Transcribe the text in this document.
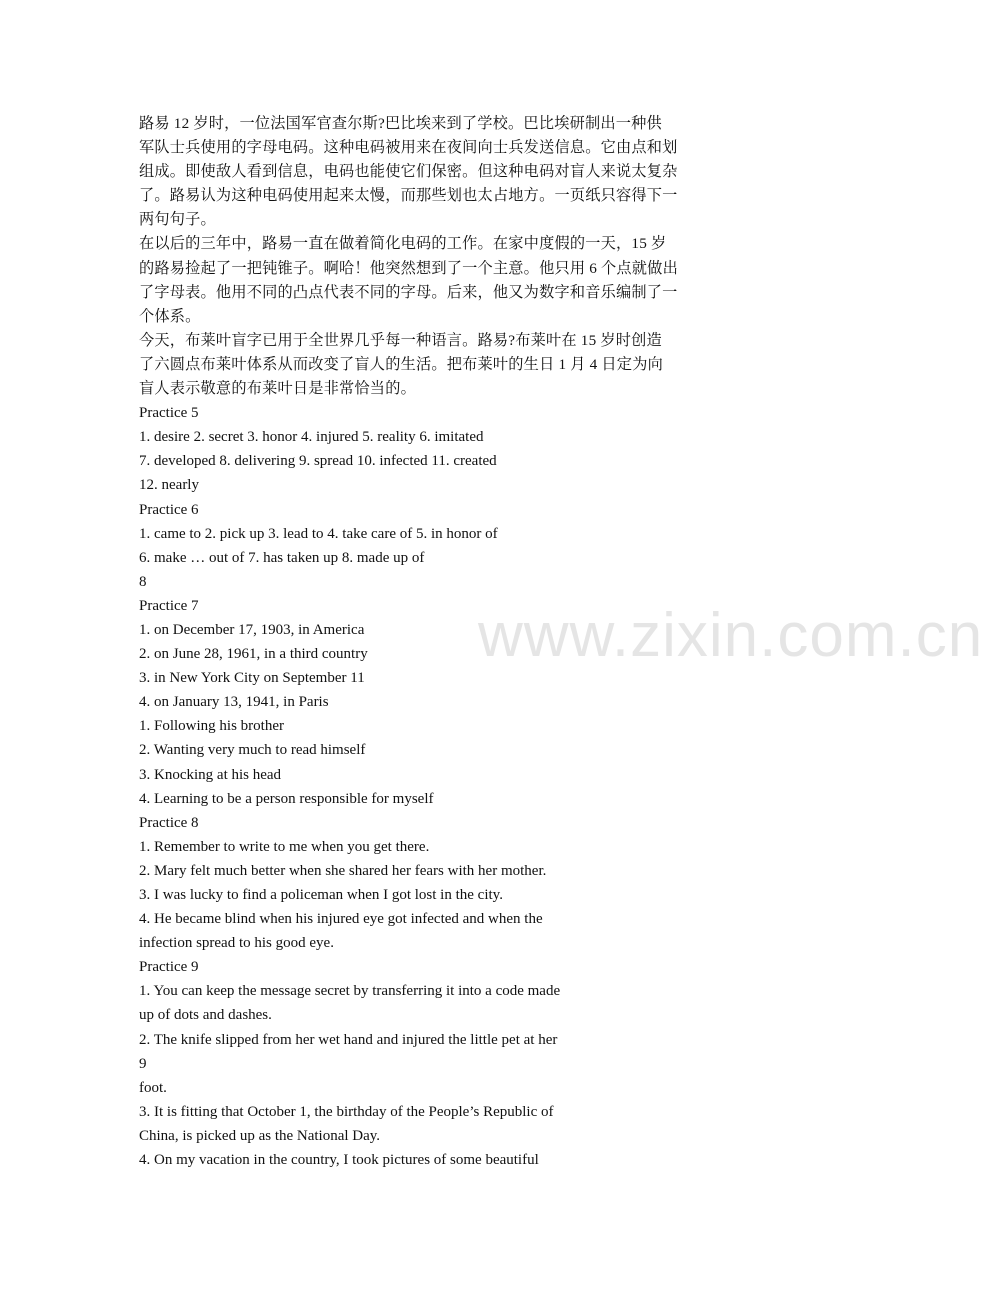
www.zixin.com.cn
路易 12 岁时，一位法国军官查尔斯?巴比埃来到了学校。巴比埃研制出一种供
军队士兵使用的字母电码。这种电码被用来在夜间向士兵发送信息。它由点和划
组成。即使敌人看到信息，电码也能使它们保密。但这种电码对盲人来说太复杂
了。路易认为这种电码使用起来太慢，而那些划也太占地方。一页纸只容得下一
两句句子。
在以后的三年中，路易一直在做着简化电码的工作。在家中度假的一天，15 岁
的路易捡起了一把钝锥子。啊哈！他突然想到了一个主意。他只用 6 个点就做出
了字母表。他用不同的凸点代表不同的字母。后来，他又为数字和音乐编制了一
个体系。
今天，布莱叶盲字已用于全世界几乎每一种语言。路易?布莱叶在 15 岁时创造
了六圆点布莱叶体系从而改变了盲人的生活。把布莱叶的生日 1 月 4 日定为向
盲人表示敬意的布莱叶日是非常恰当的。
Practice 5
1. desire 2. secret 3. honor 4. injured 5. reality 6. imitated
7. developed 8. delivering 9. spread 10. infected 11. created
12. nearly
Practice 6
1. came to 2. pick up 3. lead to 4. take care of 5. in honor of
6. make … out of 7. has taken up 8. made up of
8
Practice 7
1. on December 17, 1903, in America
2. on June 28, 1961, in a third country
3. in New York City on September 11
4. on January 13, 1941, in Paris
1. Following his brother
2. Wanting very much to read himself
3. Knocking at his head
4. Learning to be a person responsible for myself
Practice 8
1. Remember to write to me when you get there.
2. Mary felt much better when she shared her fears with her mother.
3. I was lucky to find a policeman when I got lost in the city.
4. He became blind when his injured eye got infected and when the
infection spread to his good eye.
Practice 9
1. You can keep the message secret by transferring it into a code made
up of dots and dashes.
2. The knife slipped from her wet hand and injured the little pet at her
9
foot.
3. It is fitting that October 1, the birthday of the People’s Republic of
China, is picked up as the National Day.
4. On my vacation in the country, I took pictures of some beautiful
